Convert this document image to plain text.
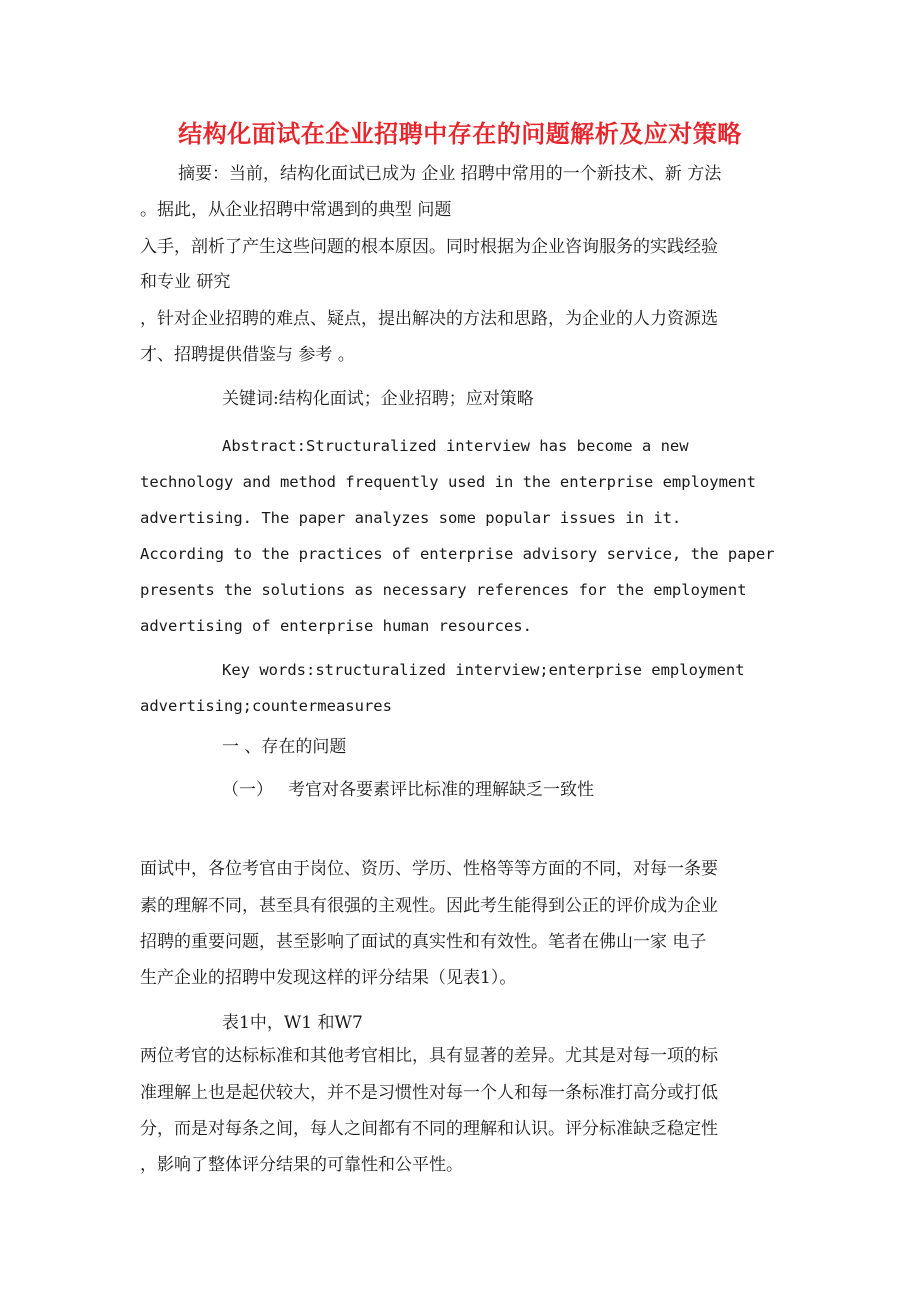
结构化面试在企业招聘中存在的问题解析及应对策略
摘要：当前，结构化面试已成为 企业 招聘中常用的一个新技术、新 方法
。据此，从企业招聘中常遇到的典型 问题
入手，剖析了产生这些问题的根本原因。同时根据为企业咨询服务的实践经验
和专业 研究
，针对企业招聘的难点、疑点，提出解决的方法和思路，为企业的人力资源选
才、招聘提供借鉴与 参考 。
关键词:结构化面试；企业招聘；应对策略
Abstract:Structuralized interview has become a new
technology and method frequently used in the enterprise employment
advertising. The paper analyzes some popular issues in it.
According to the practices of enterprise advisory service, the paper
presents the solutions as necessary references for the employment
advertising of enterprise human resources.
Key words:structuralized interview;enterprise employment
advertising;countermeasures
一 、存在的问题
（一） 考官对各要素评比标准的理解缺乏一致性
面试中，各位考官由于岗位、资历、学历、性格等等方面的不同，对每一条要
素的理解不同，甚至具有很强的主观性。因此考生能得到公正的评价成为企业
招聘的重要问题，甚至影响了面试的真实性和有效性。笔者在佛山一家 电子
生产企业的招聘中发现这样的评分结果（见表1）。
表1中，W1 和W7
两位考官的达标标准和其他考官相比，具有显著的差异。尤其是对每一项的标
准理解上也是起伏较大，并不是习惯性对每一个人和每一条标准打高分或打低
分，而是对每条之间，每人之间都有不同的理解和认识。评分标准缺乏稳定性
，影响了整体评分结果的可靠性和公平性。
